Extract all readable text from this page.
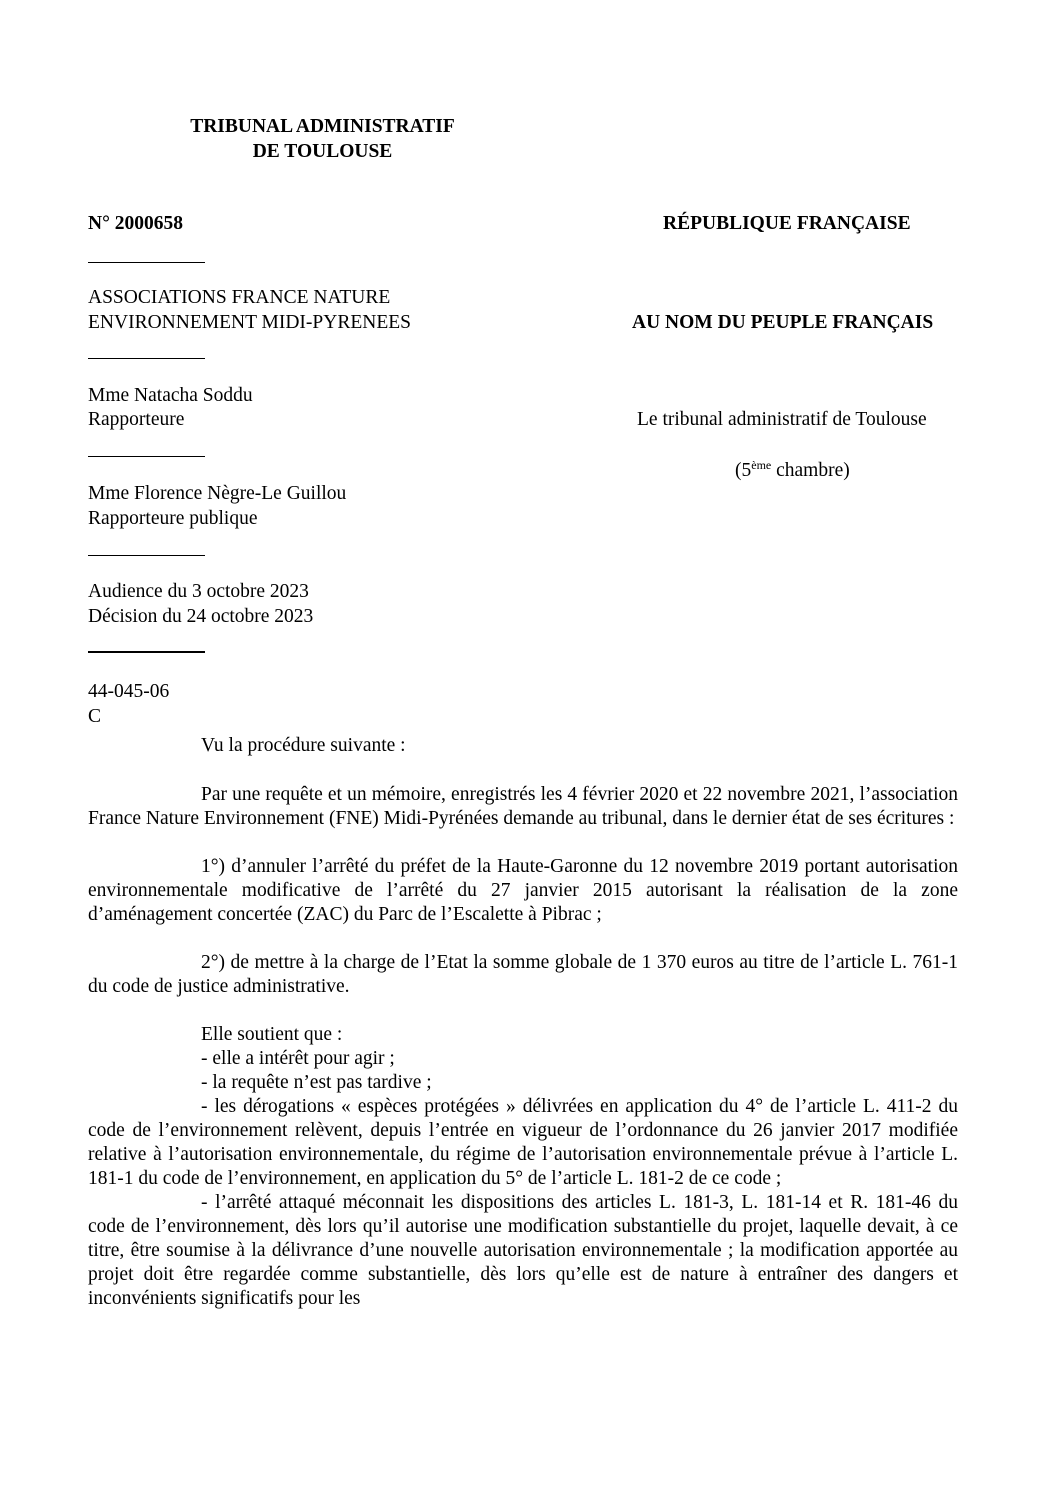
TRIBUNAL ADMINISTRATIF
DE TOULOUSE
N° 2000658	RÉPUBLIQUE FRANÇAISE
ASSOCIATIONS FRANCE NATURE
ENVIRONNEMENT MIDI-PYRENEES	AU NOM DU PEUPLE FRANÇAIS
Mme Natacha Soddu
Rapporteure	Le tribunal administratif de Toulouse
(5ème chambre)
Mme Florence Nègre-Le Guillou
Rapporteure publique
Audience du 3 octobre 2023
Décision du 24 octobre 2023
44-045-06
C
Vu la procédure suivante :

Par une requête et un mémoire, enregistrés les 4 février 2020 et 22 novembre 2021, l’association France Nature Environnement (FNE) Midi-Pyrénées demande au tribunal, dans le dernier état de ses écritures :

1°) d’annuler l’arrêté du préfet de la Haute-Garonne du 12 novembre 2019 portant autorisation environnementale modificative de l’arrêté du 27 janvier 2015 autorisant la réalisation de la zone d’aménagement concertée (ZAC) du Parc de l’Escalette à Pibrac ;

2°) de mettre à la charge de l’Etat la somme globale de 1 370 euros au titre de l’article L. 761-1 du code de justice administrative.

Elle soutient que :

- elle a intérêt pour agir ;

- la requête n’est pas tardive ;

- les dérogations « espèces protégées » délivrées en application du 4° de l’article L. 411-2 du code de l’environnement relèvent, depuis l’entrée en vigueur de l’ordonnance du 26 janvier 2017 modifiée relative à l’autorisation environnementale, du régime de l’autorisation environnementale prévue à l’article L. 181-1 du code de l’environnement, en application du 5° de l’article L. 181-2 de ce code ;

- l’arrêté attaqué méconnait les dispositions des articles L. 181-3, L. 181-14 et R. 181-46 du code de l’environnement, dès lors qu’il autorise une modification substantielle du projet, laquelle devait, à ce titre, être soumise à la délivrance d’une nouvelle autorisation environnementale ; la modification apportée au projet doit être regardée comme substantielle, dès lors qu’elle est de nature à entraîner des dangers et inconvénients significatifs pour les
